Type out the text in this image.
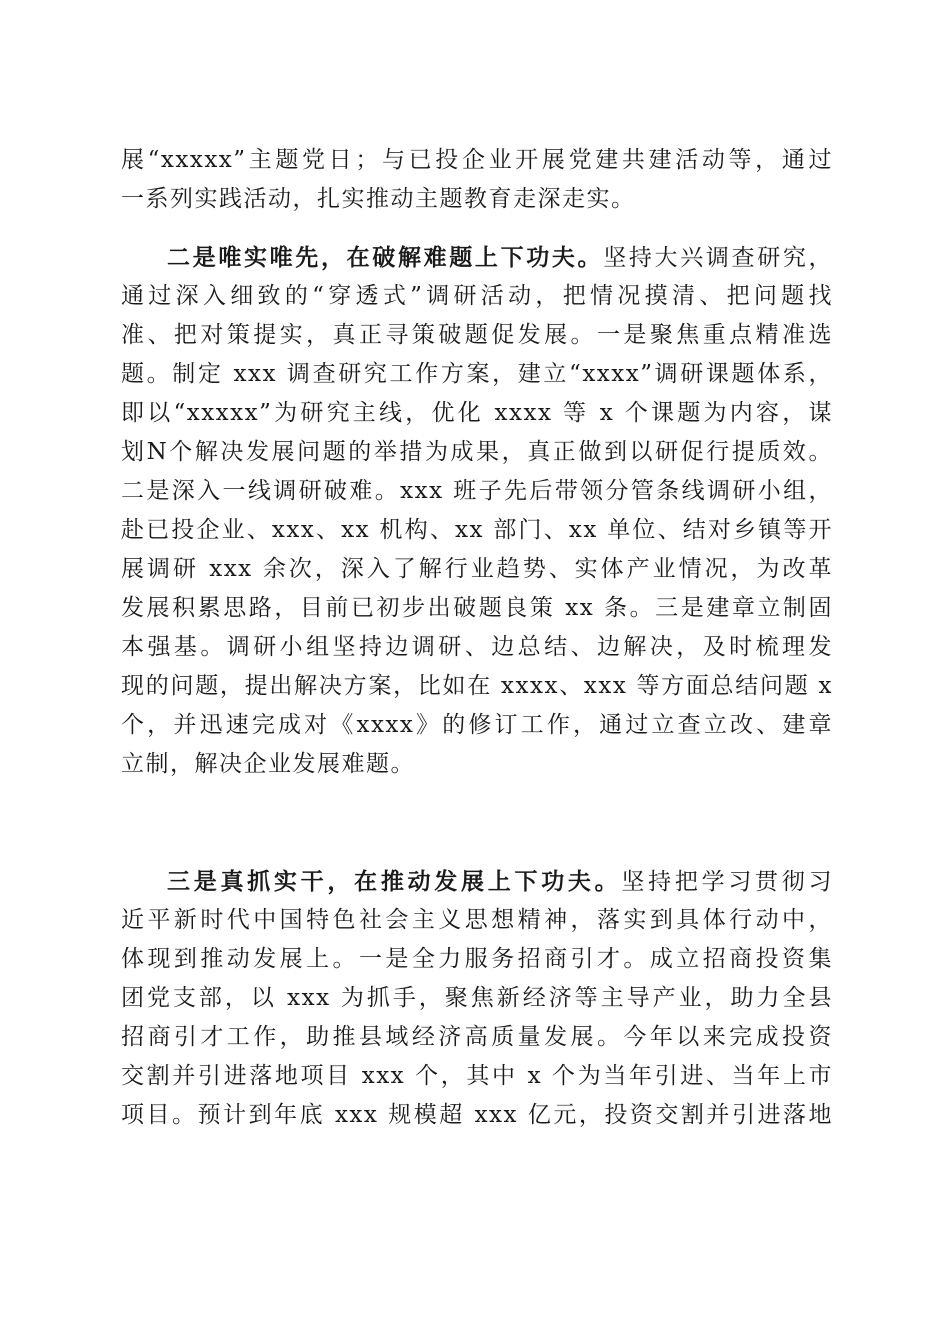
展“xxxxx”主题党日；与已投企业开展党建共建活动等，通过
一系列实践活动，扎实推动主题教育走深走实。
二是唯实唯先，在破解难题上下功夫。坚持大兴调查研究，
通过深入细致的“穿透式”调研活动，把情况摸清、把问题找
准、把对策提实，真正寻策破题促发展。一是聚焦重点精准选
题。制定 xxx 调查研究工作方案，建立“xxxx”调研课题体系，
即以“xxxxx”为研究主线，优化 xxxx 等 x 个课题为内容，谋
划N个解决发展问题的举措为成果，真正做到以研促行提质效。
二是深入一线调研破难。xxx 班子先后带领分管条线调研小组，
赴已投企业、xxx、xx 机构、xx 部门、xx 单位、结对乡镇等开
展调研 xxx 余次，深入了解行业趋势、实体产业情况，为改革
发展积累思路，目前已初步出破题良策 xx 条。三是建章立制固
本强基。调研小组坚持边调研、边总结、边解决，及时梳理发
现的问题，提出解决方案，比如在 xxxx、xxx 等方面总结问题 x
个，并迅速完成对《xxxx》的修订工作，通过立查立改、建章
立制，解决企业发展难题。
三是真抓实干，在推动发展上下功夫。坚持把学习贯彻习
近平新时代中国特色社会主义思想精神，落实到具体行动中，
体现到推动发展上。一是全力服务招商引才。成立招商投资集
团党支部，以 xxx 为抓手，聚焦新经济等主导产业，助力全县
招商引才工作，助推县域经济高质量发展。今年以来完成投资
交割并引进落地项目 xxx 个，其中 x 个为当年引进、当年上市
项目。预计到年底 xxx 规模超 xxx 亿元，投资交割并引进落地
